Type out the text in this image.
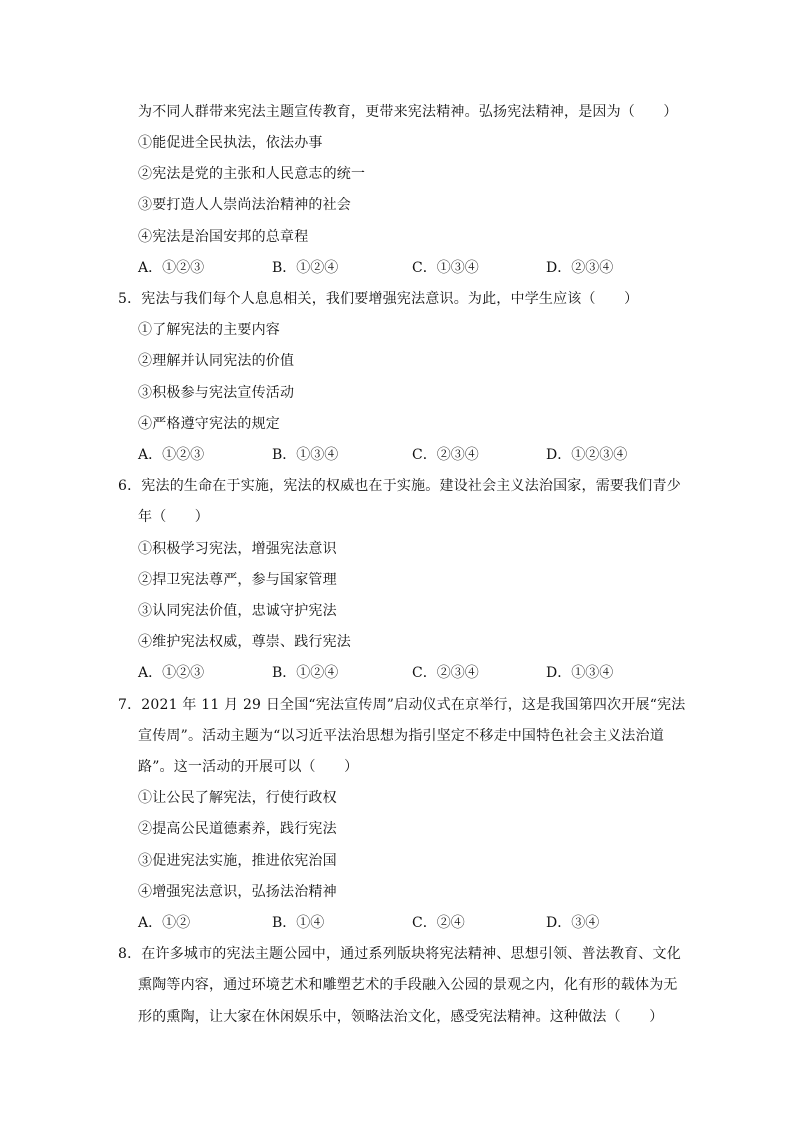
为不同人群带来宪法主题宣传教育，更带来宪法精神。弘扬宪法精神，是因为（　　）
①能促进全民执法，依法办事
②宪法是党的主张和人民意志的统一
③要打造人人崇尚法治精神的社会
④宪法是治国安邦的总章程
A．①②③	B．①②④	C．①③④	D．②③④
5．宪法与我们每个人息息相关，我们要增强宪法意识。为此，中学生应该（　　）
①了解宪法的主要内容
②理解并认同宪法的价值
③积极参与宪法宣传活动
④严格遵守宪法的规定
A．①②③	B．①③④	C．②③④	D．①②③④
6．宪法的生命在于实施，宪法的权威也在于实施。建设社会主义法治国家，需要我们青少
年（　　）
①积极学习宪法，增强宪法意识
②捍卫宪法尊严，参与国家管理
③认同宪法价值，忠诚守护宪法
④维护宪法权威，尊崇、践行宪法
A．①②③	B．①②④	C．②③④	D．①③④
7．2021 年 11 月 29 日全国“宪法宣传周”启动仪式在京举行，这是我国第四次开展“宪法
宣传周”。活动主题为“以习近平法治思想为指引坚定不移走中国特色社会主义法治道
路”。这一活动的开展可以（　　）
①让公民了解宪法，行使行政权
②提高公民道德素养，践行宪法
③促进宪法实施，推进依宪治国
④增强宪法意识，弘扬法治精神
A．①②	B．①④	C．②④	D．③④
8．在许多城市的宪法主题公园中，通过系列版块将宪法精神、思想引领、普法教育、文化
熏陶等内容，通过环境艺术和雕塑艺术的手段融入公园的景观之内，化有形的载体为无
形的熏陶，让大家在休闲娱乐中，领略法治文化，感受宪法精神。这种做法（　　）
